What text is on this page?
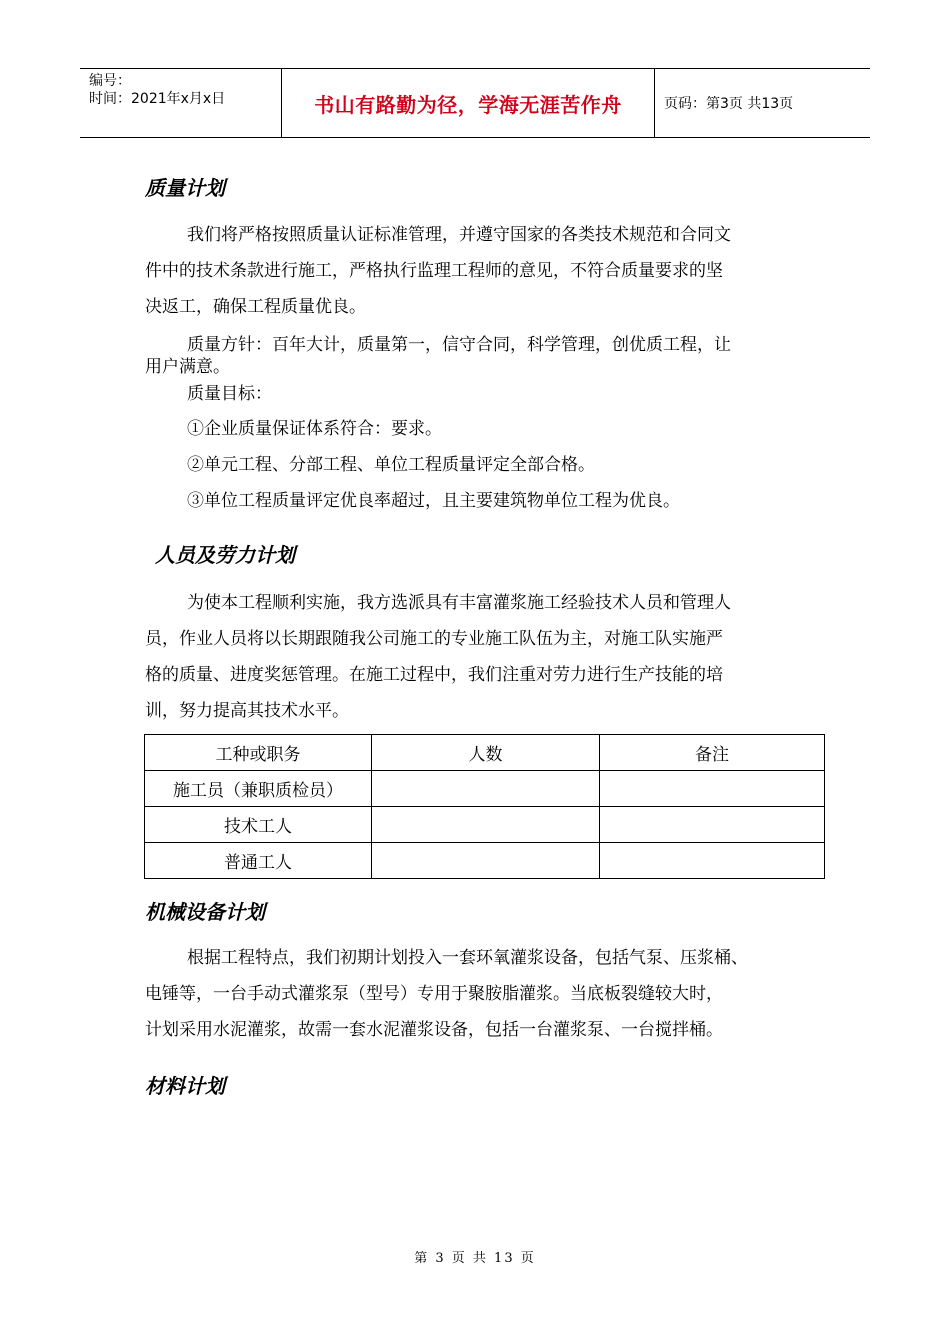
编号：
时间：2021年x月x日	书山有路勤为径，学海无涯苦作舟	页码：第3页 共13页
质量计划

我们将严格按照质量认证标准管理，并遵守国家的各类技术规范和合同文
件中的技术条款进行施工，严格执行监理工程师的意见，不符合质量要求的坚
决返工，确保工程质量优良。

质量方针：百年大计，质量第一，信守合同，科学管理，创优质工程，让
用户满意。

质量目标：
①企业质量保证体系符合：要求。
②单元工程、分部工程、单位工程质量评定全部合格。
③单位工程质量评定优良率超过，且主要建筑物单位工程为优良。

人员及劳力计划

为使本工程顺利实施，我方选派具有丰富灌浆施工经验技术人员和管理人
员，作业人员将以长期跟随我公司施工的专业施工队伍为主，对施工队实施严
格的质量、进度奖惩管理。在施工过程中，我们注重对劳力进行生产技能的培
训，努力提高其技术水平。

工种或职务	人数	备注
施工员（兼职质检员）		
技术工人		
普通工人		
机械设备计划

根据工程特点，我们初期计划投入一套环氧灌浆设备，包括气泵、压浆桶、
电锤等，一台手动式灌浆泵（型号）专用于聚胺脂灌浆。当底板裂缝较大时，
计划采用水泥灌浆，故需一套水泥灌浆设备，包括一台灌浆泵、一台搅拌桶。

材料计划
第 3 页 共 13 页
